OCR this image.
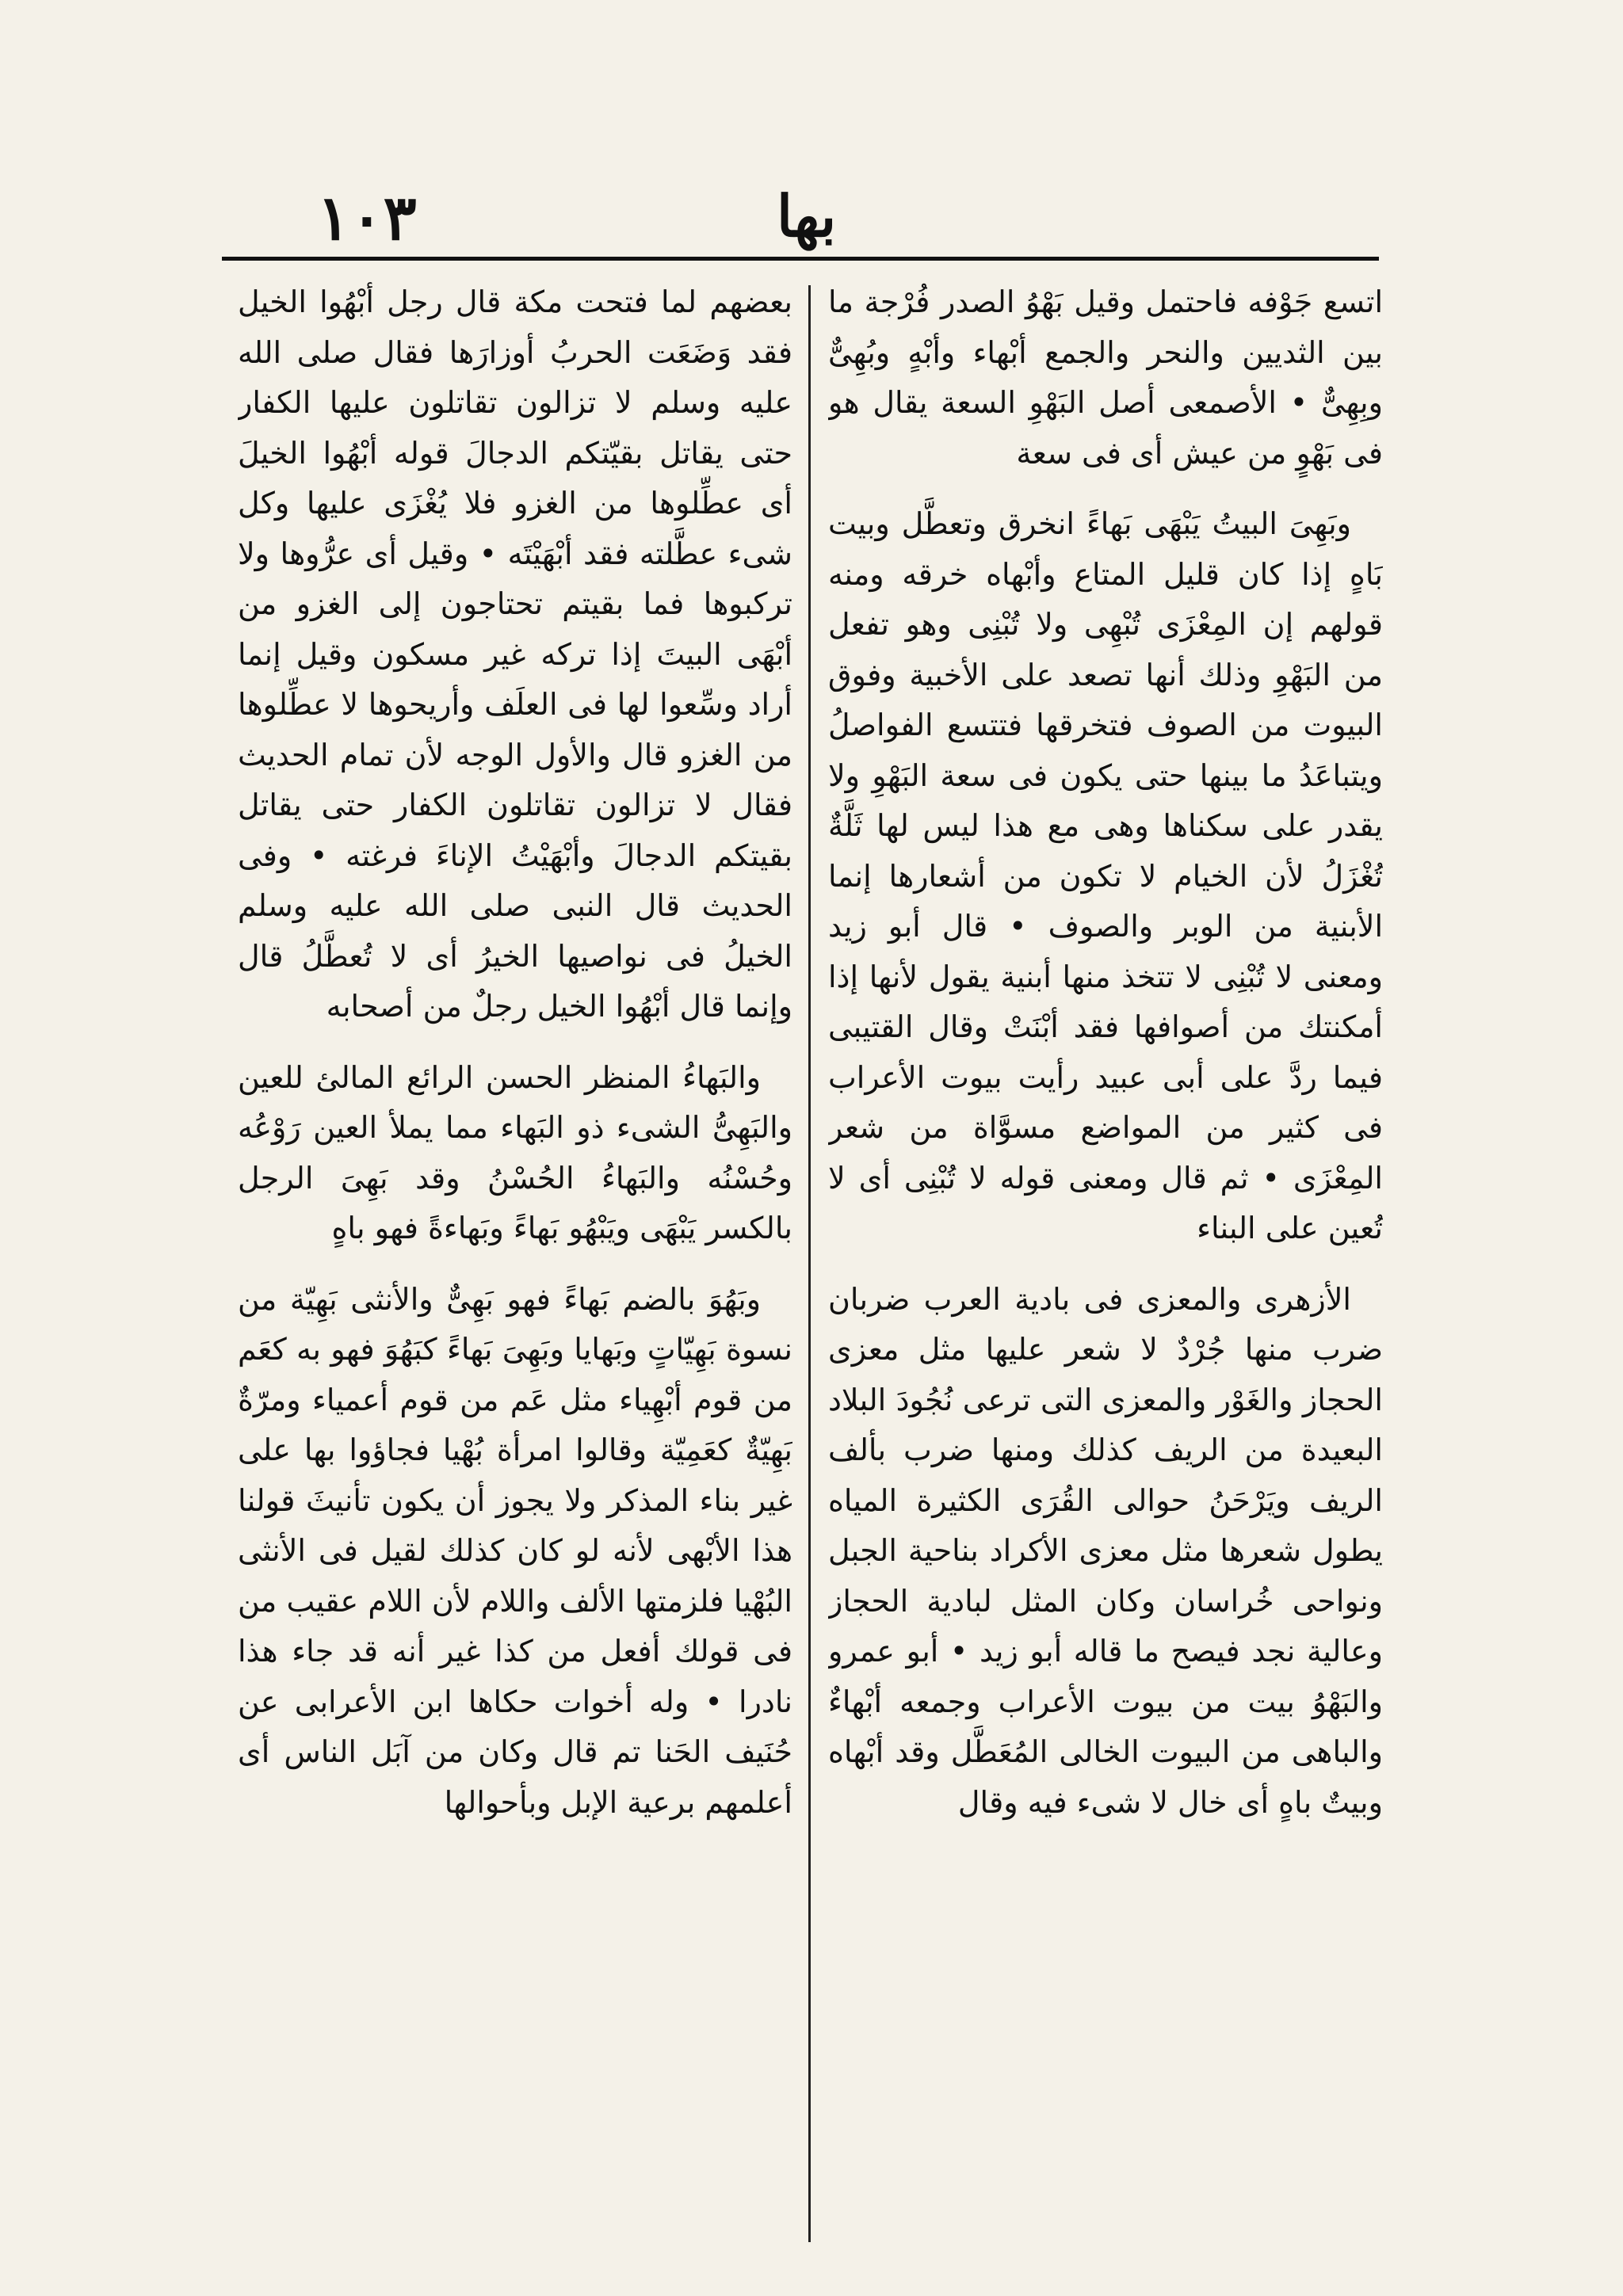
١٠٣	بها

اتسع جَوْفه فاحتمل وقيل بَهْوُ الصدر فُرْجة ما بين الثديين والنحر والجمع أبْهاء وأبْهٍ وبُهِىٌّ وبِهِىٌّ • الأصمعى أصل البَهْوِ السعة يقال هو فى بَهْوٍ من عيش أى فى سعة

وبَهِىَ البيتُ يَبْهَى بَهاءً انخرق وتعطَّل وبيت بَاهٍ إذا كان قليل المتاع وأبْهاه خرقه ومنه قولهم إن المِعْزَى تُبْهِى ولا تُبْنِى وهو تفعل من البَهْوِ وذلك أنها تصعد على الأخبية وفوق البيوت من الصوف فتخرقها فتتسع الفواصلُ ويتباعَدُ ما بينها حتى يكون فى سعة البَهْوِ ولا يقدر على سكناها وهى مع هذا ليس لها ثَلَّةٌ تُغْزَلُ لأن الخيام لا تكون من أشعارها إنما الأبنية من الوبر والصوف • قال أبو زيد ومعنى لا تُبْنِى لا تتخذ منها أبنية يقول لأنها إذا أمكنتك من أصوافها فقد أبْنَتْ وقال القتيبى فيما ردَّ على أبى عبيد رأيت بيوت الأعراب فى كثير من المواضع مسوَّاة من شعر المِعْزَى • ثم قال ومعنى قوله لا تُبْنِى أى لا تُعين على البناء

الأزهرى والمعزى فى بادية العرب ضربان ضرب منها جُرْدٌ لا شعر عليها مثل معزى الحجاز والغَوْر والمعزى التى ترعى نُجُودَ البلاد البعيدة من الريف كذلك ومنها ضرب بألف الريف ويَرْحَنُ حوالى القُرَى الكثيرة المياه يطول شعرها مثل معزى الأكراد بناحية الجبل ونواحى خُراسان وكان المثل لبادية الحجاز وعالية نجد فيصح ما قاله أبو زيد • أبو عمرو والبَهْوُ بيت من بيوت الأعراب وجمعه أبْهاءٌ والباهى من البيوت الخالى المُعَطَّل وقد أبْهاه وبيتٌ باهٍ أى خال لا شىء فيه وقال

بعضهم لما فتحت مكة قال رجل أبْهُوا الخيل فقد وَضَعَت الحربُ أوزارَها فقال صلى الله عليه وسلم لا تزالون تقاتلون عليها الكفار حتى يقاتل بقيّتكم الدجالَ قوله أبْهُوا الخيلَ أى عطِّلوها من الغزو فلا يُغْزَى عليها وكل شىء عطَّلته فقد أبْهَيْتَه • وقيل أى عرُّوها ولا تركبوها فما بقيتم تحتاجون إلى الغزو من أبْهَى البيتَ إذا تركه غير مسكون وقيل إنما أراد وسِّعوا لها فى العلَف وأريحوها لا عطِّلوها من الغزو قال والأول الوجه لأن تمام الحديث فقال لا تزالون تقاتلون الكفار حتى يقاتل بقيتكم الدجالَ وأبْهَيْتُ الإناءَ فرغته • وفى الحديث قال النبى صلى الله عليه وسلم الخيلُ فى نواصيها الخيرُ أى لا تُعطَّلُ قال وإنما قال أبْهُوا الخيل رجلٌ من أصحابه

والبَهاءُ المنظر الحسن الرائع المالئ للعين والبَهِىُّ الشىء ذو البَهاء مما يملأ العين رَوْعُه وحُسْنُه والبَهاءُ الحُسْنُ وقد بَهِىَ الرجل بالكسر يَبْهَى ويَبْهُو بَهاءً وبَهاءةً فهو باهٍ

وبَهُوَ بالضم بَهاءً فهو بَهِىٌّ والأنثى بَهِيّة من نسوة بَهِيّاتٍ وبَهايا وبَهِىَ بَهاءً كبَهُوَ فهو به كعَم من قوم أبْهِياء مثل عَم من قوم أعمياء ومرّةٌ بَهِيّةٌ كعَمِيّة وقالوا امرأة بُهْيا فجاؤوا بها على غير بناء المذكر ولا يجوز أن يكون تأنيثَ قولنا هذا الأبْهى لأنه لو كان كذلك لقيل فى الأنثى البُهْيا فلزمتها الألف واللام لأن اللام عقيب من فى قولك أفعل من كذا غير أنه قد جاء هذا نادرا • وله أخوات حكاها ابن الأعرابى عن حُنَيف الحَنا تم قال وكان من آبَل الناس أى أعلمهم برعية الإبل وبأحوالها
